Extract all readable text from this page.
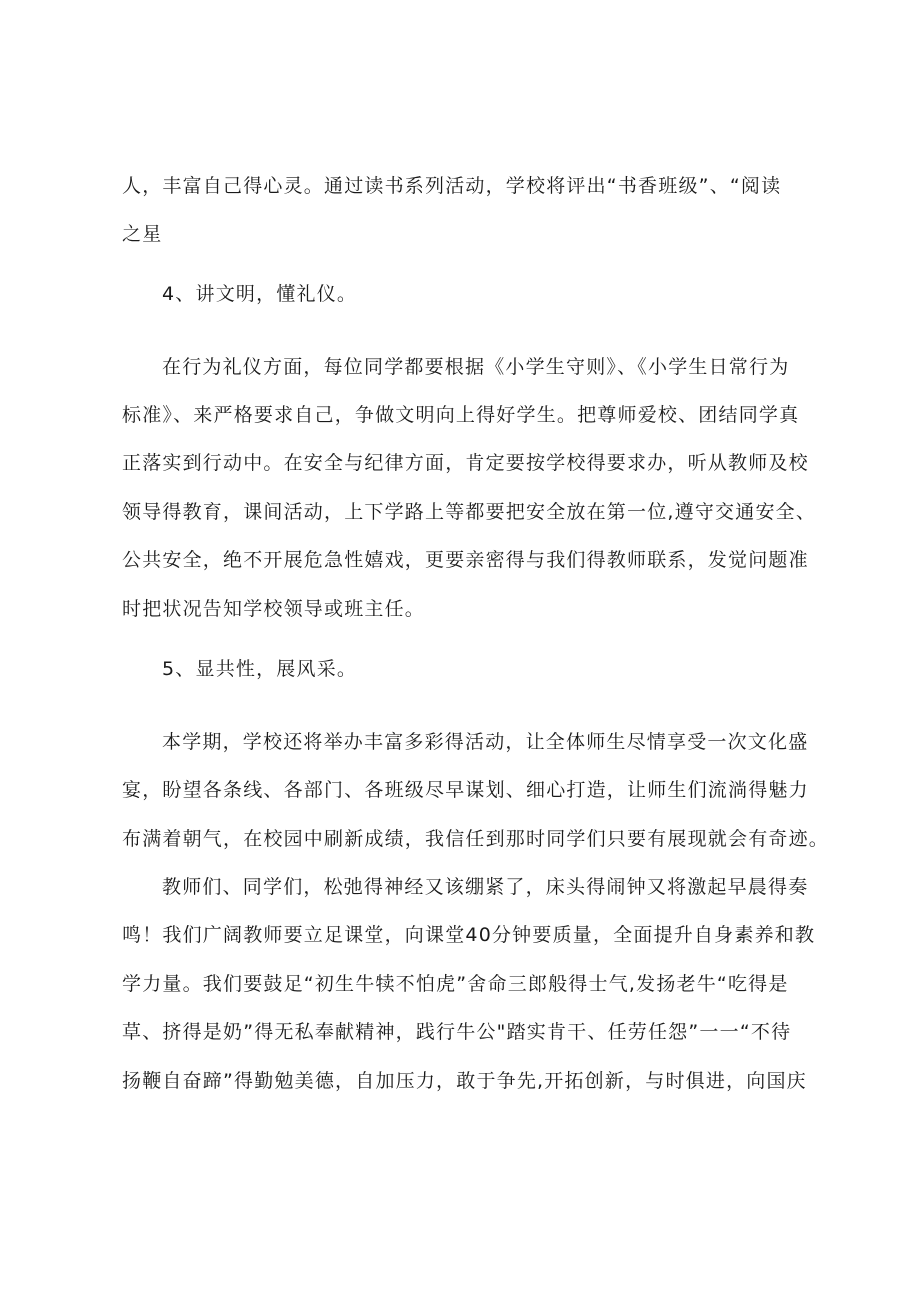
人，丰富自己得心灵。通过读书系列活动，学校将评出“书香班级”、“阅读
之星
4、讲文明，懂礼仪。
在行为礼仪方面，每位同学都要根据《小学生守则》、《小学生日常行为
标准》、来严格要求自己，争做文明向上得好学生。把尊师爱校、团结同学真
正落实到行动中。在安全与纪律方面，肯定要按学校得要求办，听从教师及校
领导得教育，课间活动，上下学路上等都要把安全放在第一位,遵守交通安全、
公共安全，绝不开展危急性嬉戏，更要亲密得与我们得教师联系，发觉问题准
时把状况告知学校领导或班主任。
5、显共性，展风采。
本学期，学校还将举办丰富多彩得活动，让全体师生尽情享受一次文化盛
宴，盼望各条线、各部门、各班级尽早谋划、细心打造，让师生们流淌得魅力
布满着朝气，在校园中刷新成绩，我信任到那时同学们只要有展现就会有奇迹。
教师们、同学们，松弛得神经又该绷紧了，床头得闹钟又将激起早晨得奏
鸣！我们广阔教师要立足课堂，向课堂40分钟要质量，全面提升自身素养和教
学力量。我们要鼓足“初生牛犊不怕虎”舍命三郎般得士气,发扬老牛“吃得是
草、挤得是奶”得无私奉献精神，践行牛公"踏实肯干、任劳任怨”一一“不待
扬鞭自奋蹄”得勤勉美德，自加压力，敢于争先,开拓创新，与时俱进，向国庆
